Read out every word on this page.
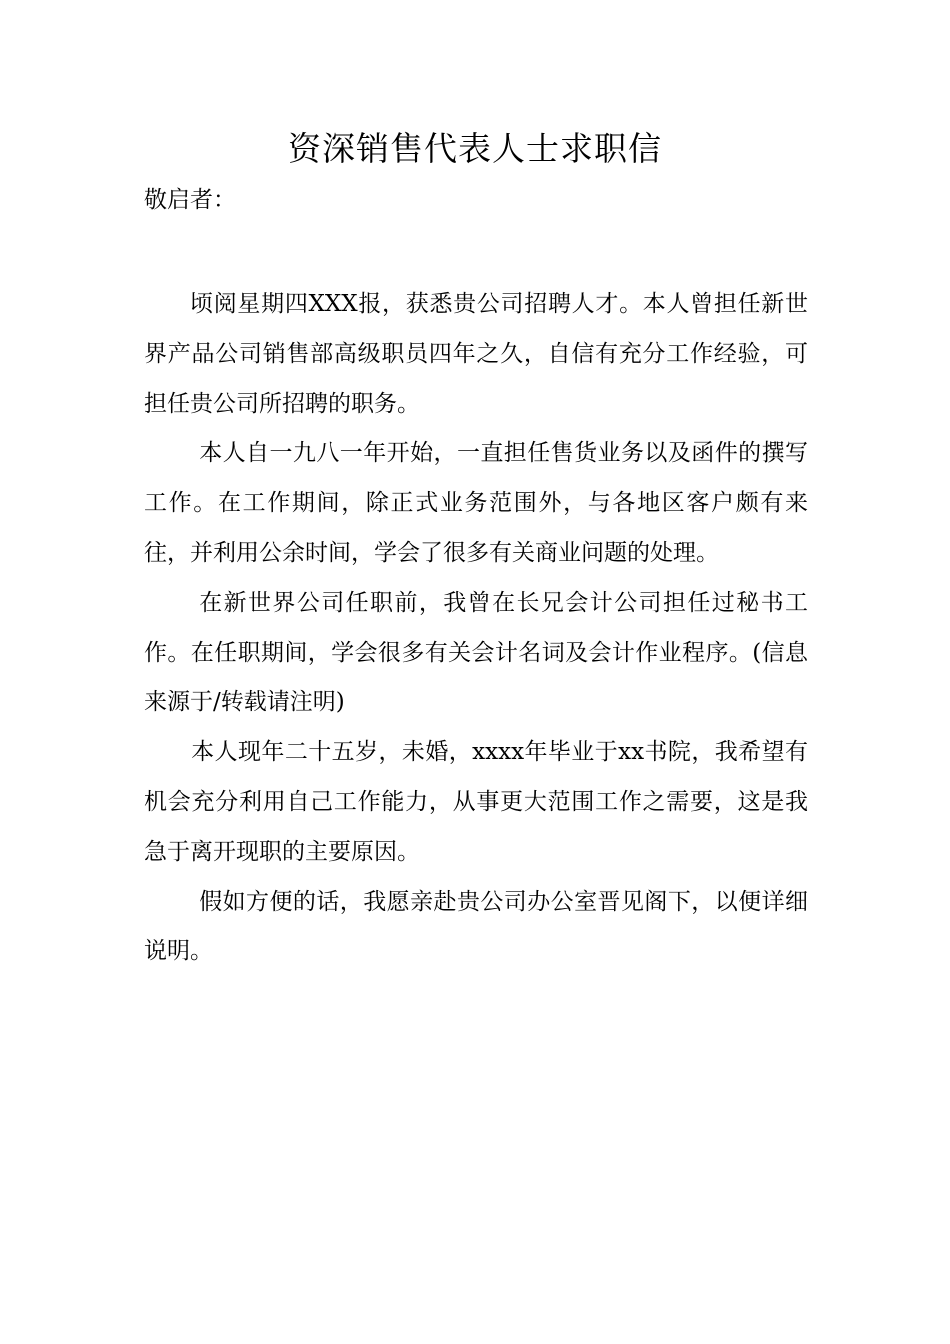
资深销售代表人士求职信

敬启者：

顷阅星期四XXX报，获悉贵公司招聘人才。本人曾担任新世界产品公司销售部高级职员四年之久，自信有充分工作经验，可担任贵公司所招聘的职务。

本人自一九八一年开始，一直担任售货业务以及函件的撰写工作。在工作期间，除正式业务范围外，与各地区客户颇有来往，并利用公余时间，学会了很多有关商业问题的处理。

在新世界公司任职前，我曾在长兄会计公司担任过秘书工作。在任职期间，学会很多有关会计名词及会计作业程序。(信息来源于/转载请注明)

本人现年二十五岁，未婚，xxxx年毕业于xx书院，我希望有机会充分利用自己工作能力，从事更大范围工作之需要，这是我急于离开现职的主要原因。

假如方便的话，我愿亲赴贵公司办公室晋见阁下，以便详细说明。
